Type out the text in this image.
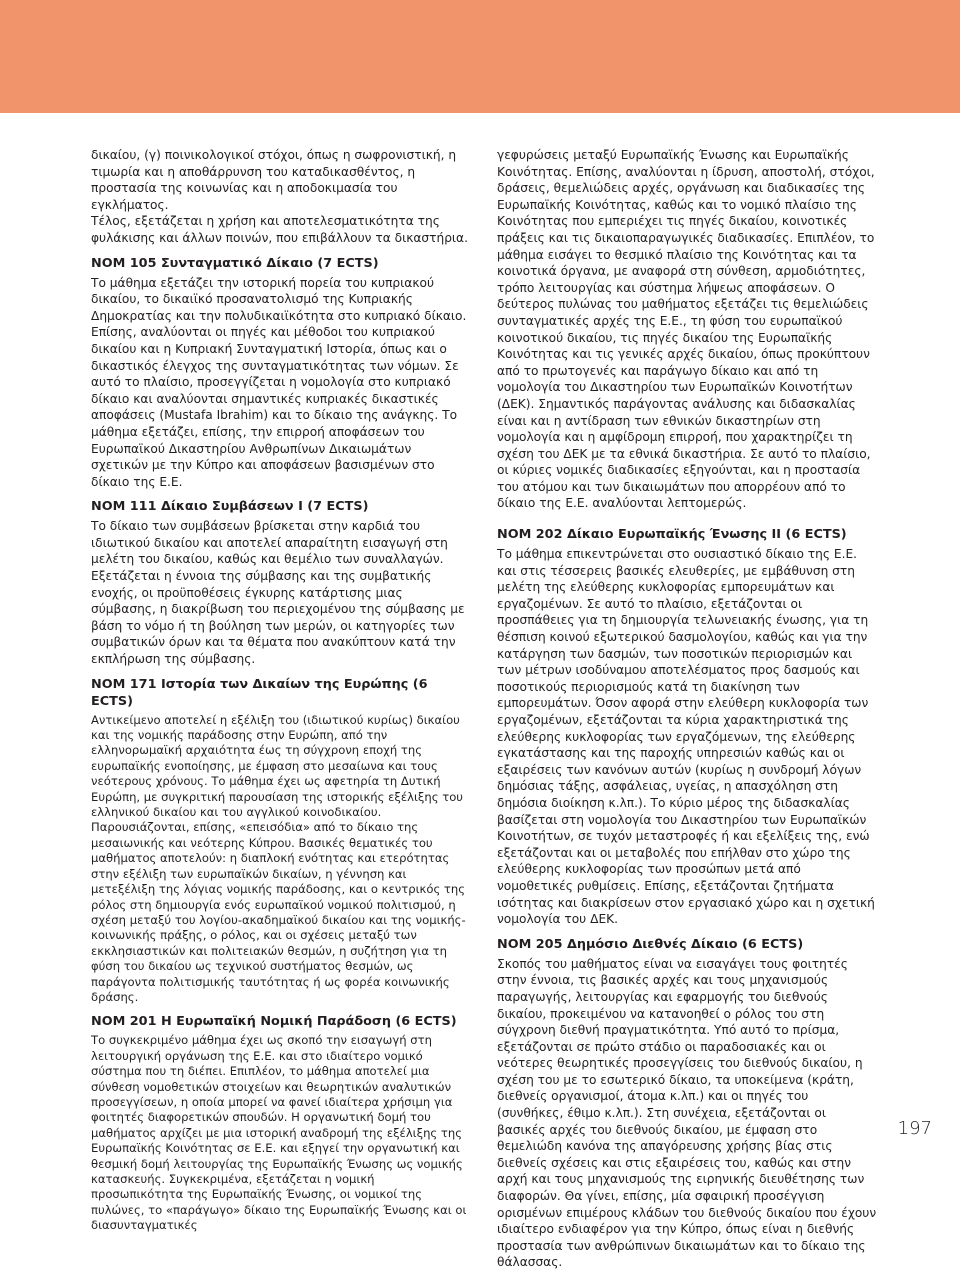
δικαίου, (γ) ποινικολογικοί στόχοι, όπως η σωφρονιστική, η τιμωρία και η αποθάρρυνση του καταδικασθέντος, η προστασία της κοινωνίας και η αποδοκιμασία του εγκλήματος.

Τέλος, εξετάζεται η χρήση και αποτελεσματικότητα της φυλάκισης και άλλων ποινών, που επιβάλλουν τα δικαστήρια.

ΝΟΜ 105 Συνταγματικό Δίκαιο (7 ECTS)

Το μάθημα εξετάζει την ιστορική πορεία του κυπριακού δικαίου, το δικαιϊκό προσανατολισμό της Κυπριακής Δημοκρατίας και την πολυδικαιϊκότητα στο κυπριακό δίκαιο. Επίσης, αναλύονται οι πηγές και μέθοδοι του κυπριακού δικαίου και η Κυπριακή Συνταγματική Ιστορία, όπως και ο δικαστικός έλεγχος της συνταγματικότητας των νόμων. Σε αυτό το πλαίσιο, προσεγγίζεται η νομολογία στο κυπριακό δίκαιο και αναλύονται σημαντικές κυπριακές δικαστικές αποφάσεις (Mustafa Ibrahim) και το δίκαιο της ανάγκης. Το μάθημα εξετάζει, επίσης, την επιρροή αποφάσεων του Ευρωπαϊκού Δικαστηρίου Ανθρωπίνων Δικαιωμάτων σχετικών με την Κύπρο και αποφάσεων βασισμένων στο δίκαιο της Ε.Ε.

ΝΟΜ 111 Δίκαιο Συμβάσεων Ι (7 ECTS)

Το δίκαιο των συμβάσεων βρίσκεται στην καρδιά του ιδιωτικού δικαίου και αποτελεί απαραίτητη εισαγωγή στη μελέτη του δικαίου, καθώς και θεμέλιο των συναλλαγών. Εξετάζεται η έννοια της σύμβασης και της συμβατικής ενοχής, οι προϋποθέσεις έγκυρης κατάρτισης μιας σύμβασης, η διακρίβωση του περιεχομένου της σύμβασης με βάση το νόμο ή τη βούληση των μερών, οι κατηγορίες των συμβατικών όρων και τα θέματα που ανακύπτουν κατά την εκπλήρωση της σύμβασης.

ΝΟΜ 171 Ιστορία των Δικαίων της Ευρώπης (6 ECTS)

Αντικείμενο αποτελεί η εξέλιξη του (ιδιωτικού κυρίως) δικαίου και της νομικής παράδοσης στην Ευρώπη, από την ελληνορωμαϊκή αρχαιότητα έως τη σύγχρονη εποχή της ευρωπαϊκής ενοποίησης, με έμφαση στο μεσαίωνα και τους νεότερους χρόνους. Το μάθημα έχει ως αφετηρία τη Δυτική Ευρώπη, με συγκριτική παρουσίαση της ιστορικής εξέλιξης του ελληνικού δικαίου και του αγγλικού κοινοδικαίου. Παρουσιάζονται, επίσης, «επεισόδια» από το δίκαιο της μεσαιωνικής και νεότερης Κύπρου. Βασικές θεματικές του μαθήματος αποτελούν: η διαπλοκή ενότητας και ετερότητας στην εξέλιξη των ευρωπαϊκών δικαίων, η γέννηση και μετεξέλιξη της λόγιας νομικής παράδοσης, και ο κεντρικός της ρόλος στη δημιουργία ενός ευρωπαϊκού νομικού πολιτισμού, η σχέση μεταξύ του λογίου-ακαδημαϊκού δικαίου και της νομικής-κοινωνικής πράξης, ο ρόλος, και οι σχέσεις μεταξύ των εκκλησιαστικών και πολιτειακών θεσμών, η συζήτηση για τη φύση του δικαίου ως τεχνικού συστήματος θεσμών, ως παράγοντα πολιτισμικής ταυτότητας ή ως φορέα κοινωνικής δράσης.

ΝΟΜ 201 Η Ευρωπαϊκή Νομική Παράδοση (6 ECTS)

Το συγκεκριμένο μάθημα έχει ως σκοπό την εισαγωγή στη λειτουργική οργάνωση της Ε.Ε. και στο ιδιαίτερο νομικό σύστημα που τη διέπει. Επιπλέον, το μάθημα αποτελεί μια σύνθεση νομοθετικών στοιχείων και θεωρητικών αναλυτικών προσεγγίσεων, η οποία μπορεί να φανεί ιδιαίτερα χρήσιμη για φοιτητές διαφορετικών σπουδών. Η οργανωτική δομή του μαθήματος αρχίζει με μια ιστορική αναδρομή της εξέλιξης της Ευρωπαϊκής Κοινότητας σε Ε.Ε. και εξηγεί την οργανωτική και θεσμική δομή λειτουργίας της Ευρωπαϊκής Ένωσης ως νομικής κατασκευής. Συγκεκριμένα, εξετάζεται η νομική προσωπικότητα της Ευρωπαϊκής Ένωσης, οι νομικοί της πυλώνες, το «παράγωγο» δίκαιο της Ευρωπαϊκής Ένωσης και οι διασυνταγματικές

γεφυρώσεις μεταξύ Ευρωπαϊκής Ένωσης και Ευρωπαϊκής Κοινότητας. Επίσης, αναλύονται η ίδρυση, αποστολή, στόχοι, δράσεις, θεμελιώδεις αρχές, οργάνωση και διαδικασίες της Ευρωπαϊκής Κοινότητας, καθώς και το νομικό πλαίσιο της Κοινότητας που εμπεριέχει τις πηγές δικαίου, κοινοτικές πράξεις και τις δικαιοπαραγωγικές διαδικασίες. Επιπλέον, το μάθημα εισάγει το θεσμικό πλαίσιο της Κοινότητας και τα κοινοτικά όργανα, με αναφορά στη σύνθεση, αρμοδιότητες, τρόπο λειτουργίας και σύστημα λήψεως αποφάσεων. Ο δεύτερος πυλώνας του μαθήματος εξετάζει τις θεμελιώδεις συνταγματικές αρχές της Ε.Ε., τη φύση του ευρωπαϊκού κοινοτικού δικαίου, τις πηγές δικαίου της Ευρωπαϊκής Κοινότητας και τις γενικές αρχές δικαίου, όπως προκύπτουν από το πρωτογενές και παράγωγο δίκαιο και από τη νομολογία του Δικαστηρίου των Ευρωπαϊκών Κοινοτήτων (ΔΕΚ). Σημαντικός παράγοντας ανάλυσης και διδασκαλίας είναι και η αντίδραση των εθνικών δικαστηρίων στη νομολογία και η αμφίδρομη επιρροή, που χαρακτηρίζει τη σχέση του ΔΕΚ με τα εθνικά δικαστήρια. Σε αυτό το πλαίσιο, οι κύριες νομικές διαδικασίες εξηγούνται, και η προστασία του ατόμου και των δικαιωμάτων που απορρέουν από το δίκαιο της Ε.Ε. αναλύονται λεπτομερώς.

ΝΟΜ 202 Δίκαιο Ευρωπαϊκής Ένωσης ΙΙ (6 ECTS)

Το μάθημα επικεντρώνεται στο ουσιαστικό δίκαιο της Ε.Ε. και στις τέσσερεις βασικές ελευθερίες, με εμβάθυνση στη μελέτη της ελεύθερης κυκλοφορίας εμπορευμάτων και εργαζομένων. Σε αυτό το πλαίσιο, εξετάζονται οι προσπάθειες για τη δημιουργία τελωνειακής ένωσης, για τη θέσπιση κοινού εξωτερικού δασμολογίου, καθώς και για την κατάργηση των δασμών, των ποσοτικών περιορισμών και των μέτρων ισοδύναμου αποτελέσματος προς δασμούς και ποσοτικούς περιορισμούς κατά τη διακίνηση των εμπορευμάτων. Όσον αφορά στην ελεύθερη κυκλοφορία των εργαζομένων, εξετάζονται τα κύρια χαρακτηριστικά της ελεύθερης κυκλοφορίας των εργαζόμενων, της ελεύθερης εγκατάστασης και της παροχής υπηρεσιών καθώς και οι εξαιρέσεις των κανόνων αυτών (κυρίως η συνδρομή λόγων δημόσιας τάξης, ασφάλειας, υγείας, η απασχόληση στη δημόσια διοίκηση κ.λπ.). Το κύριο μέρος της διδασκαλίας βασίζεται στη νομολογία του Δικαστηρίου των Ευρωπαϊκών Κοινοτήτων, σε τυχόν μεταστροφές ή και εξελίξεις της, ενώ εξετάζονται και οι μεταβολές που επήλθαν στο χώρο της ελεύθερης κυκλοφορίας των προσώπων μετά από νομοθετικές ρυθμίσεις. Επίσης, εξετάζονται ζητήματα ισότητας και διακρίσεων στον εργασιακό χώρο και η σχετική νομολογία του ΔΕΚ.

ΝΟΜ 205 Δημόσιο Διεθνές Δίκαιο (6 ECTS)

Σκοπός του μαθήματος είναι να εισαγάγει τους φοιτητές στην έννοια, τις βασικές αρχές και τους μηχανισμούς παραγωγής, λειτουργίας και εφαρμογής του διεθνούς δικαίου, προκειμένου να κατανοηθεί ο ρόλος του στη σύγχρονη διεθνή πραγματικότητα. Υπό αυτό το πρίσμα, εξετάζονται σε πρώτο στάδιο οι παραδοσιακές και οι νεότερες θεωρητικές προσεγγίσεις του διεθνούς δικαίου, η σχέση του με το εσωτερικό δίκαιο, τα υποκείμενα (κράτη, διεθνείς οργανισμοί, άτομα κ.λπ.) και οι πηγές του (συνθήκες, έθιμο κ.λπ.). Στη συνέχεια, εξετάζονται οι βασικές αρχές του διεθνούς δικαίου, με έμφαση στο θεμελιώδη κανόνα της απαγόρευσης χρήσης βίας στις διεθνείς σχέσεις και στις εξαιρέσεις του, καθώς και στην αρχή και τους μηχανισμούς της ειρηνικής διευθέτησης των διαφορών. Θα γίνει, επίσης, μία σφαιρική προσέγγιση ορισμένων επιμέρους κλάδων του διεθνούς δικαίου που έχουν ιδιαίτερο ενδιαφέρον για την Κύπρο, όπως είναι η διεθνής προστασία των ανθρώπινων δικαιωμάτων και το δίκαιο της θάλασσας.

197
